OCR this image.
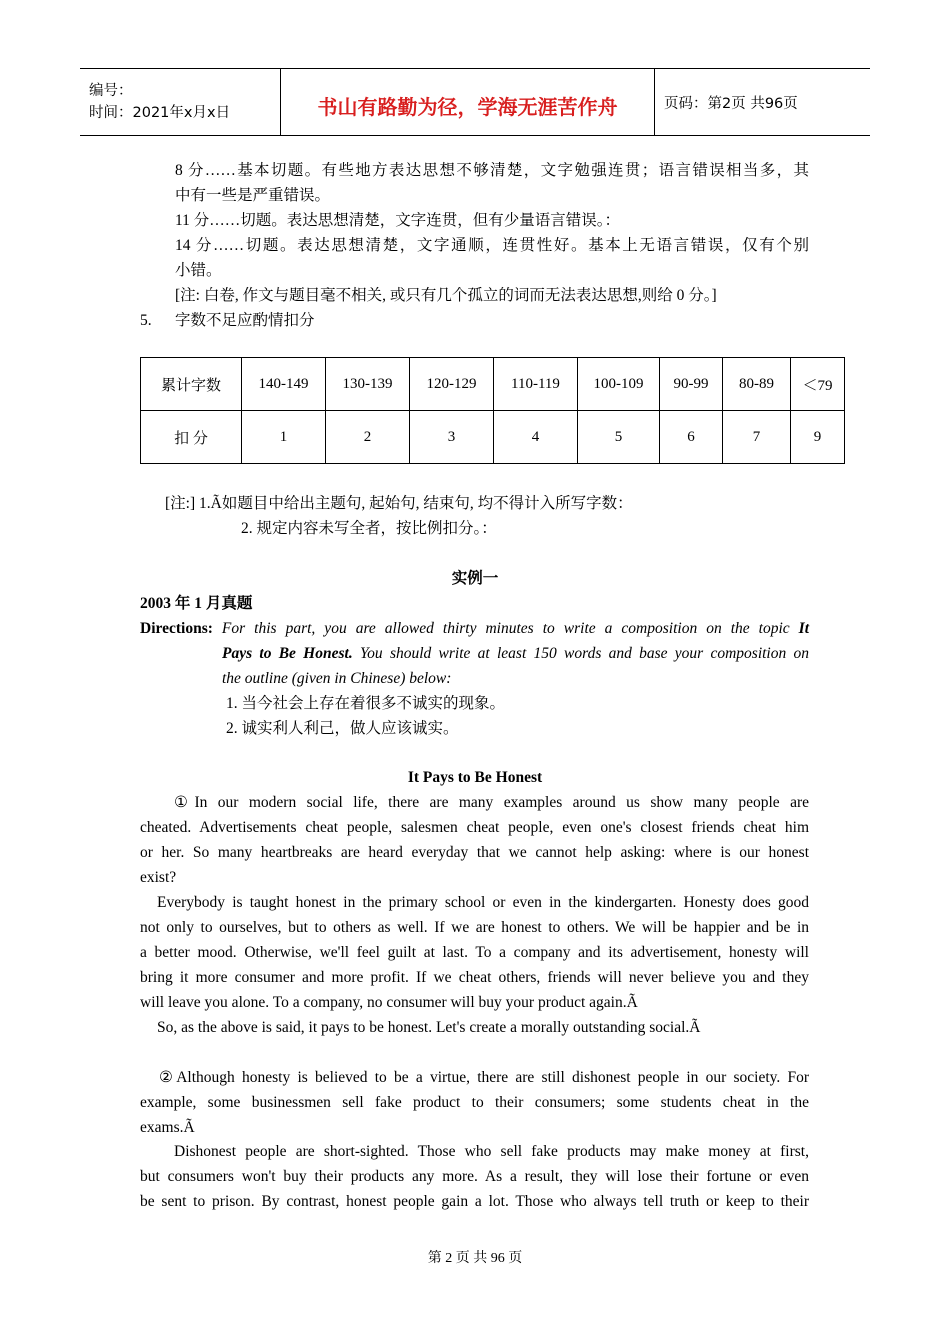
编号：
时间：2021年x月x日	书山有路勤为径，学海无涯苦作舟	页码：第2页 共96页
8 分……基本切题。有些地方表达思想不够清楚，文字勉强连贯；语言错误相当多，其
中有一些是严重错误。
11 分……切题。表达思想清楚，文字连贯，但有少量语言错误。：
14 分……切题。表达思想清楚，文字通顺，连贯性好。基本上无语言错误，仅有个别
小错。
[注: 白卷, 作文与题目毫不相关, 或只有几个孤立的词而无法表达思想,则给 0 分。]
5. 字数不足应酌情扣分
累计字数	140-149	130-139	120-129	110-119	100-109	90-99	80-89	＜79
扣 分	1	2	3	4	5	6	7	9
[注:] 1.Ã如题目中给出主题句, 起始句, 结束句, 均不得计入所写字数：
2. 规定内容未写全者，按比例扣分。：
实例一
2003 年 1 月真题
Directions: For this part, you are allowed thirty minutes to write a composition on the topic It
Pays to Be Honest. You should write at least 150 words and base your composition on
the outline (given in Chinese) below:
1. 当今社会上存在着很多不诚实的现象。
2. 诚实利人利己，做人应该诚实。
It Pays to Be Honest
①In our modern social life, there are many examples around us show many people are
cheated. Advertisements cheat people, salesmen cheat people, even one's closest friends cheat him
or her. So many heartbreaks are heard everyday that we cannot help asking: where is our honest
exist?
Everybody is taught honest in the primary school or even in the kindergarten. Honesty does good
not only to ourselves, but to others as well. If we are honest to others. We will be happier and be in
a better mood. Otherwise, we'll feel guilt at last. To a company and its advertisement, honesty will
bring it more consumer and more profit. If we cheat others, friends will never believe you and they
will leave you alone. To a company, no consumer will buy your product again.Ã
So, as the above is said, it pays to be honest. Let's create a morally outstanding social.Ã
②Although honesty is believed to be a virtue, there are still dishonest people in our society. For
example, some businessmen sell fake product to their consumers; some students cheat in the
exams.Ã
Dishonest people are short-sighted. Those who sell fake products may make money at first,
but consumers won't buy their products any more. As a result, they will lose their fortune or even
be sent to prison. By contrast, honest people gain a lot. Those who always tell truth or keep to their
第 2 页 共 96 页
